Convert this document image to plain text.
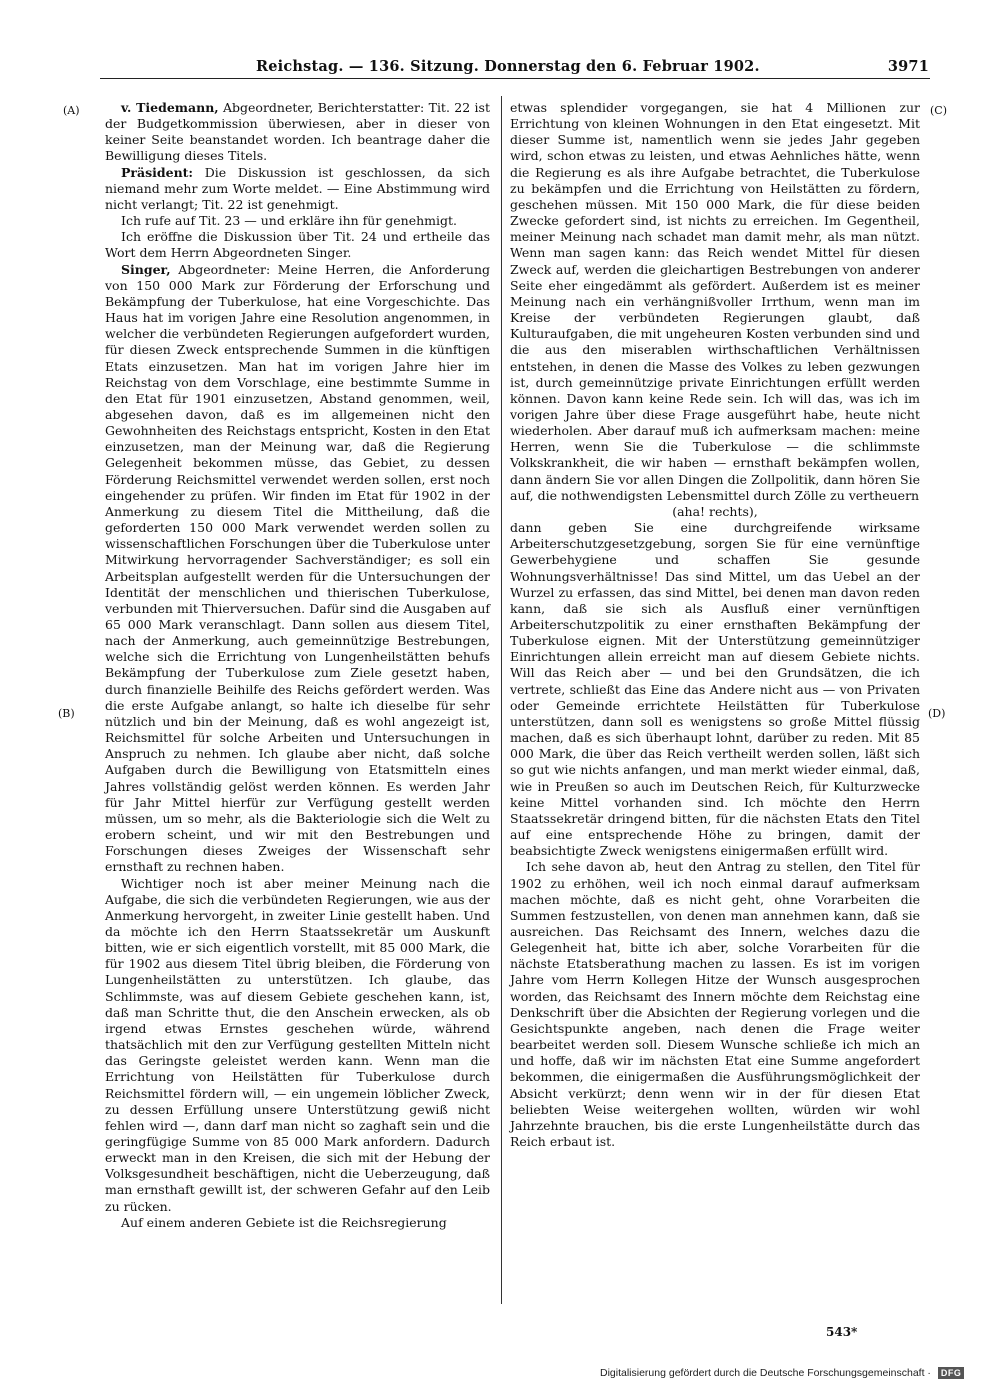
Reichstag. — 136. Sitzung. Donnerstag den 6. Februar 1902.	3971
(A)
(B)
(C)
(D)

v. Tiedemann, Abgeordneter, Berichterstatter: Tit. 22 ist der Budgetkommission überwiesen, aber in dieser von keiner Seite beanstandet worden. Ich beantrage daher die Bewilligung dieses Titels.

Präsident: Die Diskussion ist geschlossen, da sich niemand mehr zum Worte meldet. — Eine Abstimmung wird nicht verlangt; Tit. 22 ist genehmigt.

Ich rufe auf Tit. 23 — und erkläre ihn für genehmigt.

Ich eröffne die Diskussion über Tit. 24 und ertheile das Wort dem Herrn Abgeordneten Singer.

Singer, Abgeordneter: Meine Herren, die Anforderung von 150 000 Mark zur Förderung der Erforschung und Bekämpfung der Tuberkulose, hat eine Vorgeschichte. Das Haus hat im vorigen Jahre eine Resolution angenommen, in welcher die verbündeten Regierungen aufgefordert wurden, für diesen Zweck entsprechende Summen in die künftigen Etats einzusetzen. Man hat im vorigen Jahre hier im Reichstag von dem Vorschlage, eine bestimmte Summe in den Etat für 1901 einzusetzen, Abstand genommen, weil, abgesehen davon, daß es im allgemeinen nicht den Gewohnheiten des Reichstags entspricht, Kosten in den Etat einzusetzen, man der Meinung war, daß die Regierung Gelegenheit bekommen müsse, das Gebiet, zu dessen Förderung Reichsmittel verwendet werden sollen, erst noch eingehender zu prüfen. Wir finden im Etat für 1902 in der Anmerkung zu diesem Titel die Mittheilung, daß die geforderten 150 000 Mark verwendet werden sollen zu wissenschaftlichen Forschungen über die Tuberkulose unter Mitwirkung hervorragender Sachverständiger; es soll ein Arbeitsplan aufgestellt werden für die Untersuchungen der Identität der menschlichen und thierischen Tuberkulose, verbunden mit Thierversuchen. Dafür sind die Ausgaben auf 65 000 Mark veranschlagt. Dann sollen aus diesem Titel, nach der Anmerkung, auch gemeinnützige Bestrebungen, welche sich die Errichtung von Lungenheilstätten behufs Bekämpfung der Tuberkulose zum Ziele gesetzt haben, durch finanzielle Beihilfe des Reichs gefördert werden. Was die erste Aufgabe anlangt, so halte ich dieselbe für sehr nützlich und bin der Meinung, daß es wohl angezeigt ist, Reichsmittel für solche Arbeiten und Untersuchungen in Anspruch zu nehmen. Ich glaube aber nicht, daß solche Aufgaben durch die Bewilligung von Etatsmitteln eines Jahres vollständig gelöst werden können. Es werden Jahr für Jahr Mittel hierfür zur Verfügung gestellt werden müssen, um so mehr, als die Bakteriologie sich die Welt zu erobern scheint, und wir mit den Bestrebungen und Forschungen dieses Zweiges der Wissenschaft sehr ernsthaft zu rechnen haben.

Wichtiger noch ist aber meiner Meinung nach die Aufgabe, die sich die verbündeten Regierungen, wie aus der Anmerkung hervorgeht, in zweiter Linie gestellt haben. Und da möchte ich den Herrn Staatssekretär um Auskunft bitten, wie er sich eigentlich vorstellt, mit 85 000 Mark, die für 1902 aus diesem Titel übrig bleiben, die Förderung von Lungenheilstätten zu unterstützen. Ich glaube, das Schlimmste, was auf diesem Gebiete geschehen kann, ist, daß man Schritte thut, die den Anschein erwecken, als ob irgend etwas Ernstes geschehen würde, während thatsächlich mit den zur Verfügung gestellten Mitteln nicht das Geringste geleistet werden kann. Wenn man die Errichtung von Heilstätten für Tuberkulose durch Reichsmittel fördern will, — ein ungemein löblicher Zweck, zu dessen Erfüllung unsere Unterstützung gewiß nicht fehlen wird —, dann darf man nicht so zaghaft sein und die geringfügige Summe von 85 000 Mark anfordern. Dadurch erweckt man in den Kreisen, die sich mit der Hebung der Volksgesundheit beschäftigen, nicht die Ueberzeugung, daß man ernsthaft gewillt ist, der schweren Gefahr auf den Leib zu rücken.

Auf einem anderen Gebiete ist die Reichsregierung

etwas splendider vorgegangen, sie hat 4 Millionen zur Errichtung von kleinen Wohnungen in den Etat eingesetzt. Mit dieser Summe ist, namentlich wenn sie jedes Jahr gegeben wird, schon etwas zu leisten, und etwas Aehnliches hätte, wenn die Regierung es als ihre Aufgabe betrachtet, die Tuberkulose zu bekämpfen und die Errichtung von Heilstätten zu fördern, geschehen müssen. Mit 150 000 Mark, die für diese beiden Zwecke gefordert sind, ist nichts zu erreichen. Im Gegentheil, meiner Meinung nach schadet man damit mehr, als man nützt. Wenn man sagen kann: das Reich wendet Mittel für diesen Zweck auf, werden die gleichartigen Bestrebungen von anderer Seite eher eingedämmt als gefördert. Außerdem ist es meiner Meinung nach ein verhängnißvoller Irrthum, wenn man im Kreise der verbündeten Regierungen glaubt, daß Kulturaufgaben, die mit ungeheuren Kosten verbunden sind und die aus den miserablen wirthschaftlichen Verhältnissen entstehen, in denen die Masse des Volkes zu leben gezwungen ist, durch gemeinnützige private Einrichtungen erfüllt werden können. Davon kann keine Rede sein. Ich will das, was ich im vorigen Jahre über diese Frage ausgeführt habe, heute nicht wiederholen. Aber darauf muß ich aufmerksam machen: meine Herren, wenn Sie die Tuberkulose — die schlimmste Volkskrankheit, die wir haben — ernsthaft bekämpfen wollen, dann ändern Sie vor allen Dingen die Zollpolitik, dann hören Sie auf, die nothwendigsten Lebensmittel durch Zölle zu vertheuern

(aha! rechts),

dann geben Sie eine durchgreifende wirksame Arbeiterschutzgesetzgebung, sorgen Sie für eine vernünftige Gewerbehygiene und schaffen Sie gesunde Wohnungsverhältnisse! Das sind Mittel, um das Uebel an der Wurzel zu erfassen, das sind Mittel, bei denen man davon reden kann, daß sie sich als Ausfluß einer vernünftigen Arbeiterschutzpolitik zu einer ernsthaften Bekämpfung der Tuberkulose eignen. Mit der Unterstützung gemeinnütziger Einrichtungen allein erreicht man auf diesem Gebiete nichts. Will das Reich aber — und bei den Grundsätzen, die ich vertrete, schließt das Eine das Andere nicht aus — von Privaten oder Gemeinde errichtete Heilstätten für Tuberkulose unterstützen, dann soll es wenigstens so große Mittel flüssig machen, daß es sich überhaupt lohnt, darüber zu reden. Mit 85 000 Mark, die über das Reich vertheilt werden sollen, läßt sich so gut wie nichts anfangen, und man merkt wieder einmal, daß, wie in Preußen so auch im Deutschen Reich, für Kulturzwecke keine Mittel vorhanden sind. Ich möchte den Herrn Staatssekretär dringend bitten, für die nächsten Etats den Titel auf eine entsprechende Höhe zu bringen, damit der beabsichtigte Zweck wenigstens einigermaßen erfüllt wird.

Ich sehe davon ab, heut den Antrag zu stellen, den Titel für 1902 zu erhöhen, weil ich noch einmal darauf aufmerksam machen möchte, daß es nicht geht, ohne Vorarbeiten die Summen festzustellen, von denen man annehmen kann, daß sie ausreichen. Das Reichsamt des Innern, welches dazu die Gelegenheit hat, bitte ich aber, solche Vorarbeiten für die nächste Etatsberathung machen zu lassen. Es ist im vorigen Jahre vom Herrn Kollegen Hitze der Wunsch ausgesprochen worden, das Reichsamt des Innern möchte dem Reichstag eine Denkschrift über die Absichten der Regierung vorlegen und die Gesichtspunkte angeben, nach denen die Frage weiter bearbeitet werden soll. Diesem Wunsche schließe ich mich an und hoffe, daß wir im nächsten Etat eine Summe angefordert bekommen, die einigermaßen die Ausführungsmöglichkeit der Absicht verkürzt; denn wenn wir in der für diesen Etat beliebten Weise weitergehen wollten, würden wir wohl Jahrzehnte brauchen, bis die erste Lungenheilstätte durch das Reich erbaut ist.

543*
Digitalisierung gefördert durch die Deutsche Forschungsgemeinschaft · DFG
